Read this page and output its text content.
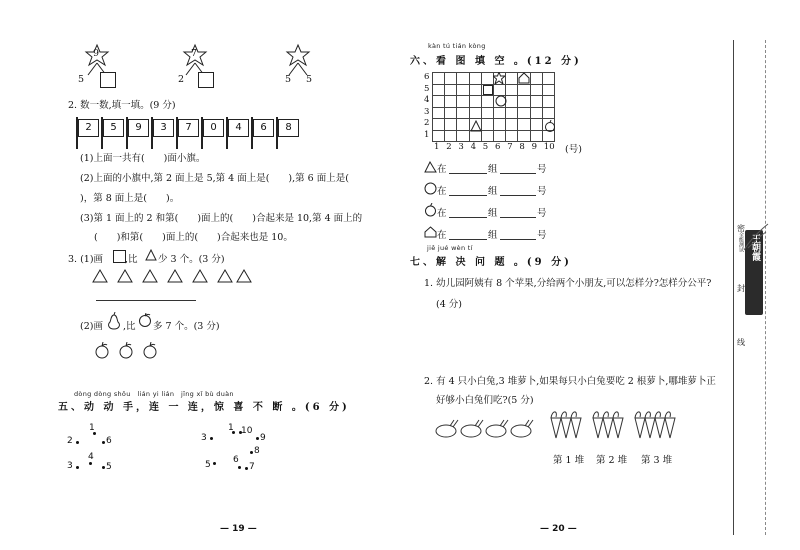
9
5
7
2	5 5
2. 数一数,填一填。(9 分)
2	5	9	3	7	0	4	6	8
(1)上面一共有(　　)面小旗。
(2)上面的小旗中,第 2 面上是 5,第 4 面上是(　　),第 6 面上是(
)，第 8 面上是(　　)。
(3)第 1 面上的 2 和第(　　)面上的(　　)合起来是 10,第 4 面上的
(　　)和第(　　)面上的(　　)合起来也是 10。
3. (1)画 ,比 少 3 个。(3 分)
(2)画 ,比 多 7 个。(3 分)
dòng dòng shǒu　lián yi lián　jīng xǐ bù duàn
五、动 动 手，连 一 连，惊 喜 不 断 。(6 分)
1
2	6
4
3	5
1 10
3	9
8
5 6
7
— 19 —
kàn tú tián kòng
六、看 图 填 空 。(12 分)
6
5
4
3
2
1
1 2 3 4 5 6 7 8 9 10 (号)
在	组	号
在	组	号
在	组	号
在	组	号
jiě jué wèn tí
七、解 决 问 题 。(9 分)
1. 幼儿园阿姨有 8 个苹果,分给两个小朋友,可以怎样分?怎样分公平?
(4 分)
2. 有 4 只小白兔,3 堆萝卜,如果每只小白兔要吃 2 根萝卜,哪堆萝卜正
好够小白兔们吃?(5 分)
第 1 堆 第 2 堆 第 3 堆
— 20 —
密
封
线
王朝霞
全能测试
